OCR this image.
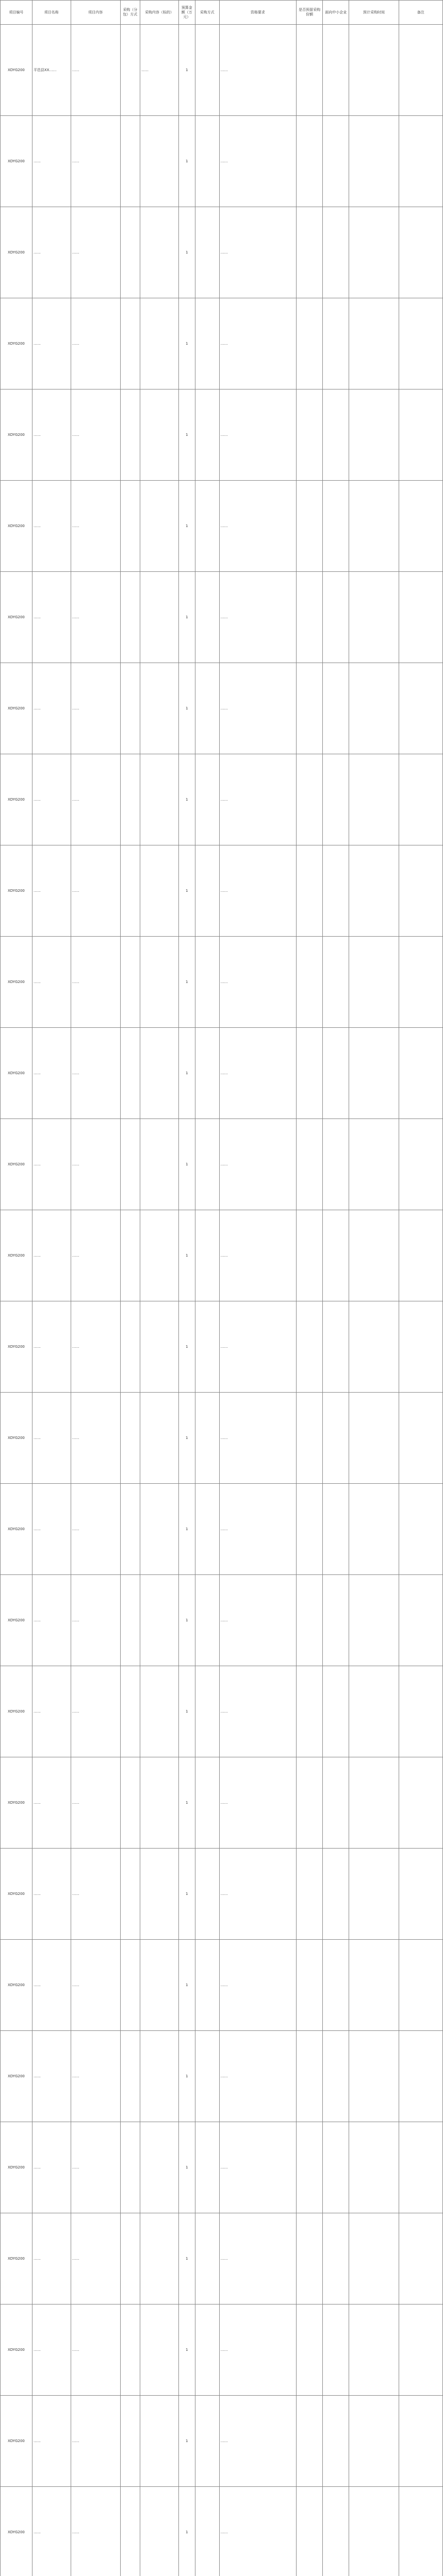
项目编号	项目名称	项目内容	采购（分包）方式	采购内容（标的）	预算金额（万元）	采购方式	资格要求	是否预留采购份额	面向中小企业	预计采购时间	备注
XDYG200	平邑县XX……	……		……	1		……				
XDYG200	……	……			1		……				
XDYG200	……	……			1		……				
XDYG200	……	……			1		……				
XDYG200	……	……			1		……				
XDYG200	……	……			1		……				
XDYG200	……	……			1		……				
XDYG200	……	……			1		……				
XDYG200	……	……			1		……				
XDYG200	……	……			1		……				
XDYG200	……	……			1		……				
XDYG200	……	……			1		……				
XDYG200	……	……			1		……				
XDYG200	……	……			1		……				
XDYG200	……	……			1		……				
XDYG200	……	……			1		……				
XDYG200	……	……			1		……				
XDYG200	……	……			1		……				
XDYG200	……	……			1		……				
XDYG200	……	……			1		……				
XDYG200	……	……			1		……				
XDYG200	……	……			1		……				
XDYG200	……	……			1		……				
XDYG200	……	……			1		……				
XDYG200	……	……			1		……				
XDYG200	……	……			1		……				
XDYG200	……	……			1		……				
XDYG200	……	……			1		……				
